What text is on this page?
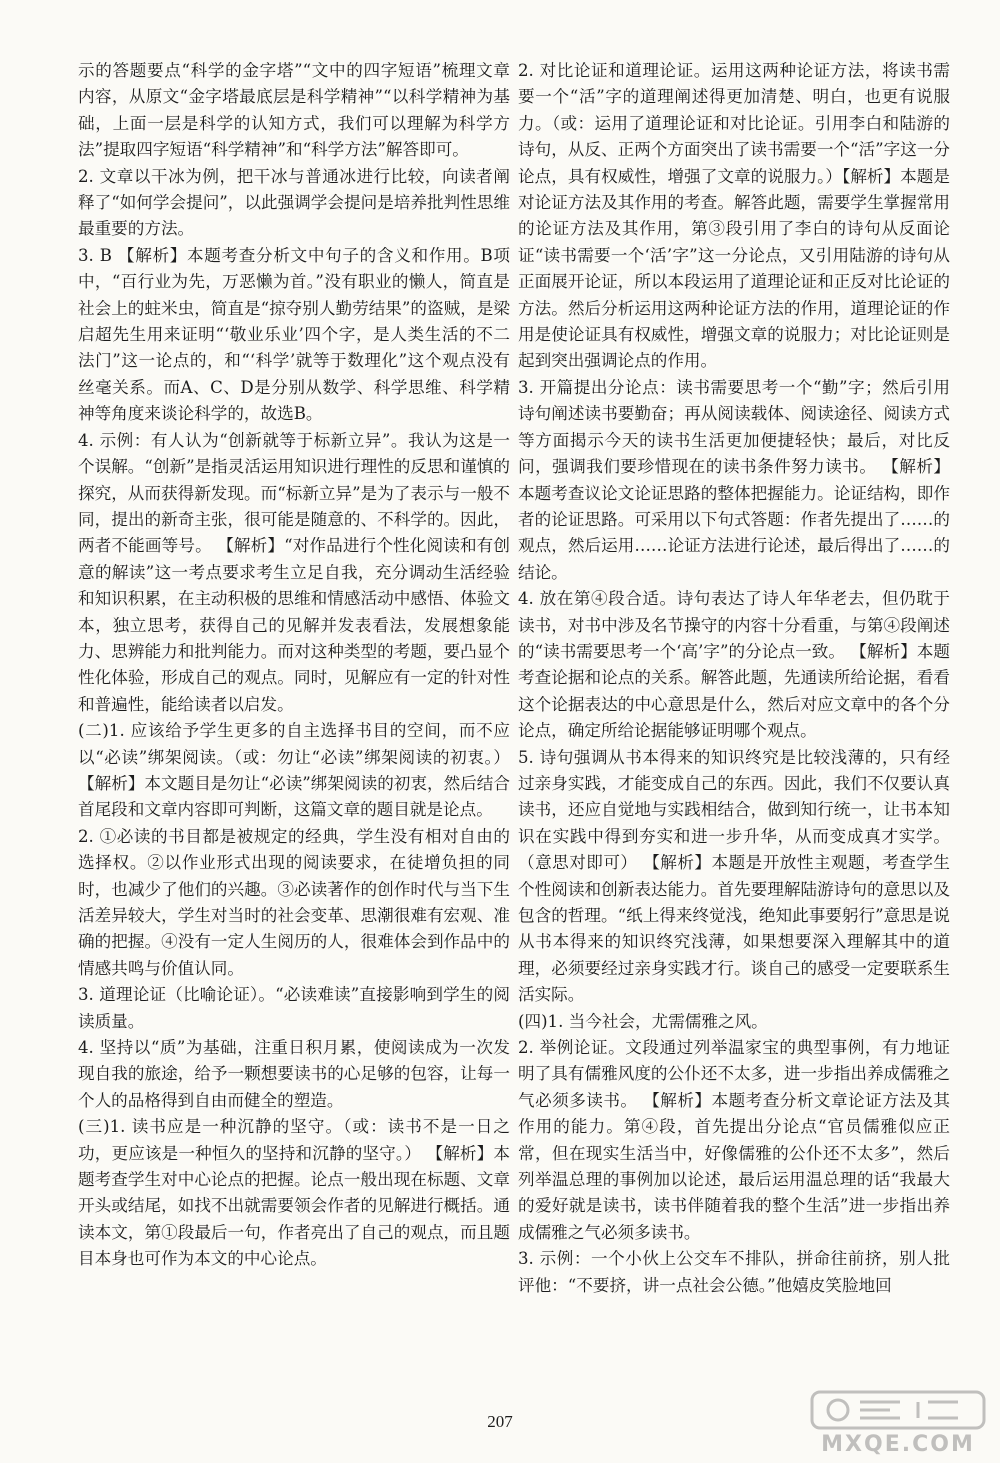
示的答题要点“科学的金字塔”“文中的四字短语”梳理文章内容，从原文“金字塔最底层是科学精神”“以科学精神为基础，上面一层是科学的认知方式，我们可以理解为科学方法”提取四字短语“科学精神”和“科学方法”解答即可。

2. 文章以干冰为例，把干冰与普通冰进行比较，向读者阐释了“如何学会提问”，以此强调学会提问是培养批判性思维最重要的方法。

3. B 【解析】本题考查分析文中句子的含义和作用。B项中，“百行业为先，万恶懒为首。”没有职业的懒人，简直是社会上的蛀米虫，简直是“掠夺别人勤劳结果”的盗贼，是梁启超先生用来证明“‘敬业乐业’四个字，是人类生活的不二法门”这一论点的，和“‘科学’就等于数理化”这个观点没有丝毫关系。而A、C、D是分别从数学、科学思维、科学精神等角度来谈论科学的，故选B。

4. 示例：有人认为“创新就等于标新立异”。我认为这是一个误解。“创新”是指灵活运用知识进行理性的反思和谨慎的探究，从而获得新发现。而“标新立异”是为了表示与一般不同，提出的新奇主张，很可能是随意的、不科学的。因此，两者不能画等号。 【解析】“对作品进行个性化阅读和有创意的解读”这一考点要求考生立足自我，充分调动生活经验和知识积累，在主动积极的思维和情感活动中感悟、体验文本，独立思考，获得自己的见解并发表看法，发展想象能力、思辨能力和批判能力。而对这种类型的考题，要凸显个性化体验，形成自己的观点。同时，见解应有一定的针对性和普遍性，能给读者以启发。

(二)1. 应该给予学生更多的自主选择书目的空间，而不应以“必读”绑架阅读。（或：勿让“必读”绑架阅读的初衷。） 【解析】本文题目是勿让“必读”绑架阅读的初衷，然后结合首尾段和文章内容即可判断，这篇文章的题目就是论点。

2. ①必读的书目都是被规定的经典，学生没有相对自由的选择权。②以作业形式出现的阅读要求，在徒增负担的同时，也减少了他们的兴趣。③必读著作的创作时代与当下生活差异较大，学生对当时的社会变革、思潮很难有宏观、准确的把握。④没有一定人生阅历的人，很难体会到作品中的情感共鸣与价值认同。

3. 道理论证（比喻论证）。“必读难读”直接影响到学生的阅读质量。

4. 坚持以“质”为基础，注重日积月累，使阅读成为一次发现自我的旅途，给予一颗想要读书的心足够的包容，让每一个人的品格得到自由而健全的塑造。

(三)1. 读书应是一种沉静的坚守。（或：读书不是一日之功，更应该是一种恒久的坚持和沉静的坚守。） 【解析】本题考查学生对中心论点的把握。论点一般出现在标题、文章开头或结尾，如找不出就需要领会作者的见解进行概括。通读本文，第①段最后一句，作者亮出了自己的观点，而且题目本身也可作为本文的中心论点。

2. 对比论证和道理论证。运用这两种论证方法，将读书需要一个“活”字的道理阐述得更加清楚、明白，也更有说服力。（或：运用了道理论证和对比论证。引用李白和陆游的诗句，从反、正两个方面突出了读书需要一个“活”字这一分论点，具有权威性，增强了文章的说服力。）【解析】本题是对论证方法及其作用的考查。解答此题，需要学生掌握常用的论证方法及其作用，第③段引用了李白的诗句从反面论证“读书需要一个‘活’字”这一分论点，又引用陆游的诗句从正面展开论证，所以本段运用了道理论证和正反对比论证的方法。然后分析运用这两种论证方法的作用，道理论证的作用是使论证具有权威性，增强文章的说服力；对比论证则是起到突出强调论点的作用。

3. 开篇提出分论点：读书需要思考一个“勤”字；然后引用诗句阐述读书要勤奋；再从阅读载体、阅读途径、阅读方式等方面揭示今天的读书生活更加便捷轻快；最后，对比反问，强调我们要珍惜现在的读书条件努力读书。 【解析】本题考查议论文论证思路的整体把握能力。论证结构，即作者的论证思路。可采用以下句式答题：作者先提出了……的观点，然后运用……论证方法进行论述，最后得出了……的结论。

4. 放在第④段合适。诗句表达了诗人年华老去，但仍耽于读书，对书中涉及名节操守的内容十分看重，与第④段阐述的“读书需要思考一个‘高’字”的分论点一致。 【解析】本题考查论据和论点的关系。解答此题，先通读所给论据，看看这个论据表达的中心意思是什么，然后对应文章中的各个分论点，确定所给论据能够证明哪个观点。

5. 诗句强调从书本得来的知识终究是比较浅薄的，只有经过亲身实践，才能变成自己的东西。因此，我们不仅要认真读书，还应自觉地与实践相结合，做到知行统一，让书本知识在实践中得到夯实和进一步升华，从而变成真才实学。（意思对即可） 【解析】本题是开放性主观题，考查学生个性阅读和创新表达能力。首先要理解陆游诗句的意思以及包含的哲理。“纸上得来终觉浅，绝知此事要躬行”意思是说从书本得来的知识终究浅薄，如果想要深入理解其中的道理，必须要经过亲身实践才行。谈自己的感受一定要联系生活实际。

(四)1. 当今社会，尤需儒雅之风。

2. 举例论证。文段通过列举温家宝的典型事例，有力地证明了具有儒雅风度的公仆还不太多，进一步指出养成儒雅之气必须多读书。 【解析】本题考查分析文章论证方法及其作用的能力。第④段，首先提出分论点“官员儒雅似应正常，但在现实生活当中，好像儒雅的公仆还不太多”，然后列举温总理的事例加以论述，最后运用温总理的话“我最大的爱好就是读书，读书伴随着我的整个生活”进一步指出养成儒雅之气必须多读书。

3. 示例：一个小伙上公交车不排队，拼命往前挤，别人批评他：“不要挤，讲一点社会公德。”他嬉皮笑脸地回

207
MXQE.COM
